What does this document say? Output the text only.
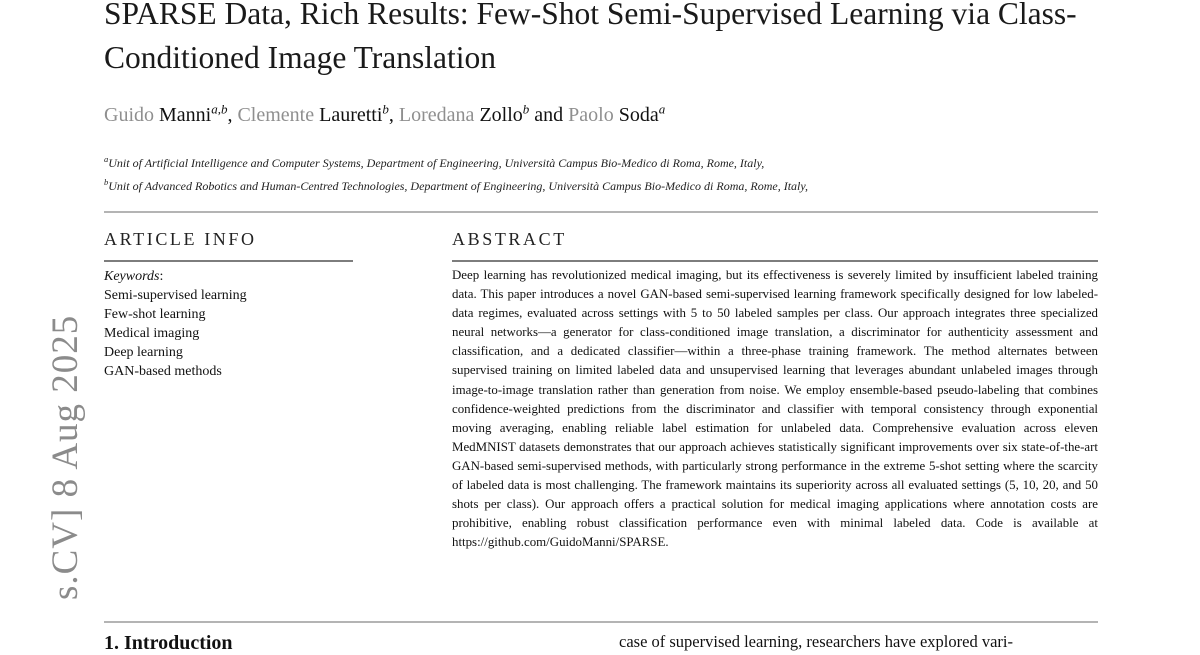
SPARSE Data, Rich Results: Few-Shot Semi-Supervised Learning via Class-Conditioned Image Translation
Guido Manni$^{a,b}$, Clemente Lauretti$^b$, Loredana Zollo$^b$ and Paolo Soda$^a$
$^a$Unit of Artificial Intelligence and Computer Systems, Department of Engineering, Università Campus Bio-Medico di Roma, Rome, Italy,
$^b$Unit of Advanced Robotics and Human-Centred Technologies, Department of Engineering, Università Campus Bio-Medico di Roma, Rome, Italy,
ARTICLE INFO
Keywords:
Semi-supervised learning
Few-shot learning
Medical imaging
Deep learning
GAN-based methods
ABSTRACT

Deep learning has revolutionized medical imaging, but its effectiveness is severely limited by insufficient labeled training data. This paper introduces a novel GAN-based semi-supervised learning framework specifically designed for low labeled-data regimes, evaluated across settings with 5 to 50 labeled samples per class. Our approach integrates three specialized neural networks—a generator for class-conditioned image translation, a discriminator for authenticity assessment and classification, and a dedicated classifier—within a three-phase training framework. The method alternates between supervised training on limited labeled data and unsupervised learning that leverages abundant unlabeled images through image-to-image translation rather than generation from noise. We employ ensemble-based pseudo-labeling that combines confidence-weighted predictions from the discriminator and classifier with temporal consistency through exponential moving averaging, enabling reliable label estimation for unlabeled data. Comprehensive evaluation across eleven MedMNIST datasets demonstrates that our approach achieves statistically significant improvements over six state-of-the-art GAN-based semi-supervised methods, with particularly strong performance in the extreme 5-shot setting where the scarcity of labeled data is most challenging. The framework maintains its superiority across all evaluated settings (5, 10, 20, and 50 shots per class). Our approach offers a practical solution for medical imaging applications where annotation costs are prohibitive, enabling robust classification performance even with minimal labeled data. Code is available at https://github.com/GuidoManni/SPARSE.

s.CV] 8 Aug 2025
1. Introduction	case of supervised learning, researchers have explored vari-
